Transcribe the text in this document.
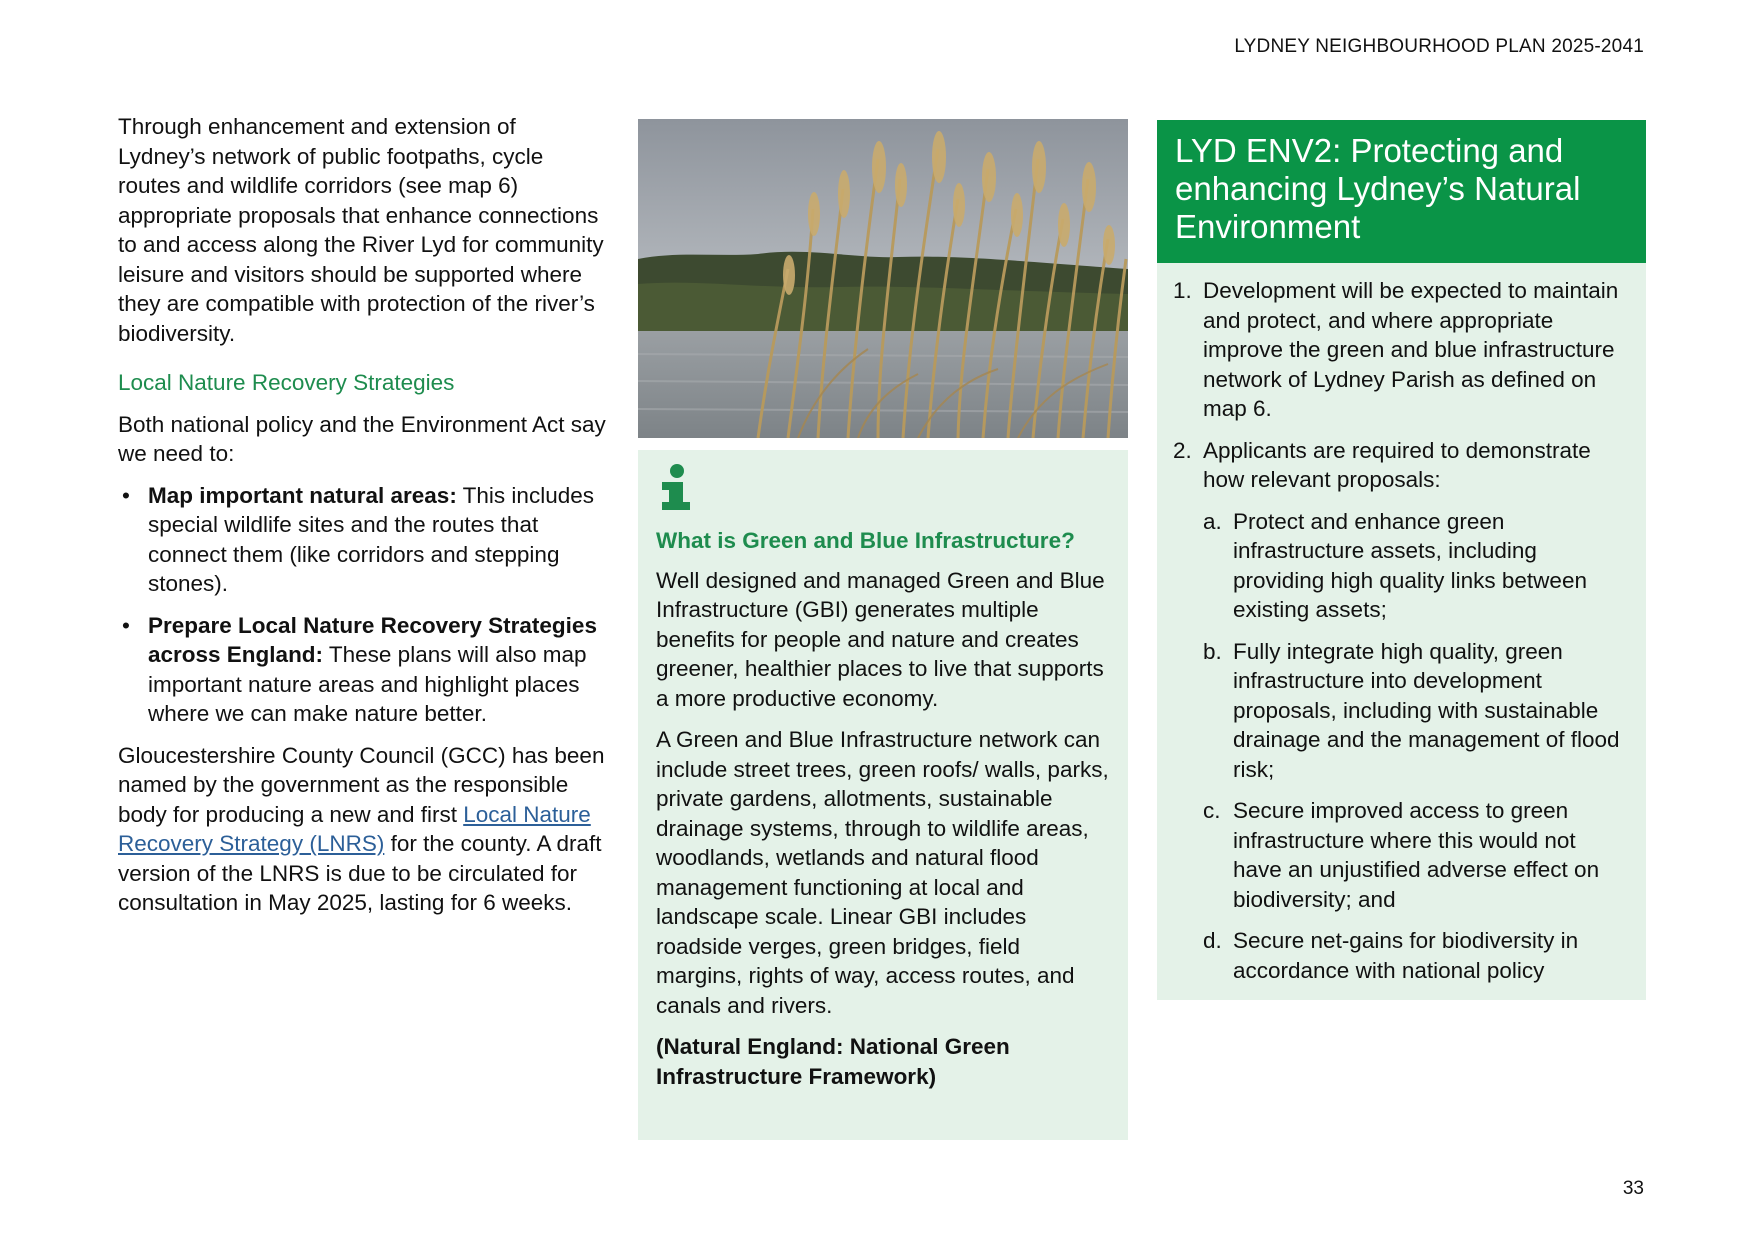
LYDNEY NEIGHBOURHOOD PLAN 2025-2041

Through enhancement and extension of Lydney’s network of public footpaths, cycle routes and wildlife corridors (see map 6) appropriate proposals that enhance connections to and access along the River Lyd for community leisure and visitors should be supported where they are compatible with protection of the river’s biodiversity.

Local Nature Recovery Strategies

Both national policy and the Environment Act say we need to:

• Map important natural areas: This includes special wildlife sites and the routes that connect them (like corridors and stepping stones).
• Prepare Local Nature Recovery Strategies across England: These plans will also map important nature areas and highlight places where we can make nature better.

Gloucestershire County Council (GCC) has been named by the government as the responsible body for producing a new and first Local Nature Recovery Strategy (LNRS) for the county. A draft version of the LNRS is due to be circulated for consultation in May 2025, lasting for 6 weeks.

What is Green and Blue Infrastructure?

Well designed and managed Green and Blue Infrastructure (GBI) generates multiple benefits for people and nature and creates greener, healthier places to live that supports a more productive economy.

A Green and Blue Infrastructure network can include street trees, green roofs/ walls, parks, private gardens, allotments, sustainable drainage systems, through to wildlife areas, woodlands, wetlands and natural flood management functioning at local and landscape scale. Linear GBI includes roadside verges, green bridges, field margins, rights of way, access routes, and canals and rivers.

(Natural England: National Green Infrastructure Framework)

LYD ENV2: Protecting and enhancing Lydney’s Natural Environment
1. Development will be expected to maintain and protect, and where appropriate improve the green and blue infrastructure network of Lydney Parish as defined on map 6.
2. Applicants are required to demonstrate how relevant proposals:
a. Protect and enhance green infrastructure assets, including providing high quality links between existing assets;
b. Fully integrate high quality, green infrastructure into development proposals, including with sustainable drainage and the management of flood risk;
c. Secure improved access to green infrastructure where this would not have an unjustified adverse effect on biodiversity; and
d. Secure net-gains for biodiversity in accordance with national policy
33
